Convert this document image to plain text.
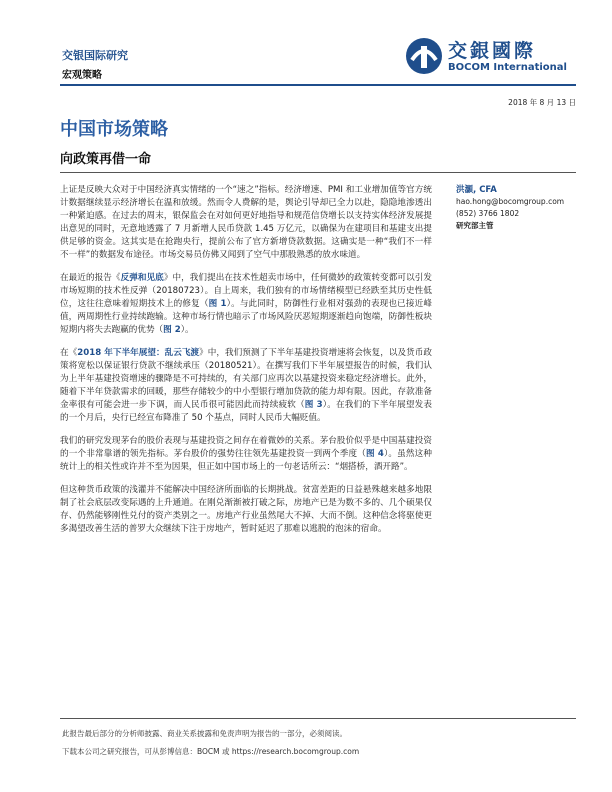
交银国际研究
宏观策略
交銀國際
BOCOM International
2018 年 8 月 13 日
中国市场策略
向政策再借一命

上证是反映大众对于中国经济真实情绪的一个“速之”指标。经济增速、PMI 和工业增加值等官方统计数据继续显示经济增长在温和放缓。然而令人费解的是，舆论引导却已全力以赴，隐隐地渗透出一种紧迫感。在过去的周末，银保监会在对如何更好地指导和规范信贷增长以支持实体经济发展提出意见的同时，无意地透露了 7 月新增人民币贷款 1.45 万亿元，以确保为在建项目和基建支出提供足够的资金。这其实是在抢跑央行，提前公布了官方新增贷款数据。这确实是一种“我们不一样不一样”的数据发布途径。市场交易员仿佛又闻到了空气中那股熟悉的放水味道。

在最近的报告《反弹和见底》中，我们提出在技术性超卖市场中，任何微妙的政策转变都可以引发市场短期的技术性反弹（20180723）。自上周来，我们独有的市场情绪模型已经跌至其历史性低位，这往往意味着短期技术上的修复（图 1）。与此同时，防御性行业相对强劲的表现也已接近峰值，两周期性行业持续跑输。这种市场行情也暗示了市场风险厌恶短期逐渐趋向饱端，防御性板块短期内将失去跑赢的优势（图 2）。

在《2018 年下半年展望：乱云飞渡》中，我们预测了下半年基建投资增速将会恢复，以及货币政策将宽松以保证银行贷款不继续承压（20180521）。在撰写我们下半年展望报告的时候，我们认为上半年基建投资增速的骤降是不可持续的，有关部门应再次以基建投资来稳定经济增长。此外，随着下半年贷款需求的回暖，那些存储较少的中小型银行增加贷款的能力却有限。因此，存款准备金率很有可能会进一步下调，而人民币很可能因此而持续疲软（图 3）。在我们的下半年展望发表的一个月后，央行已经宣布降准了 50 个基点，同时人民币大幅贬值。

我们的研究发现茅台的股价表现与基建投资之间存在着微妙的关系。茅台股价似乎是中国基建投资的一个非常靠谱的领先指标。茅台股价的强势往往领先基建投资一到两个季度（图 4）。虽然这种统计上的相关性或许并不至为因果，但正如中国市场上的一句老话所云：“烟搭桥，酒开路”。

但这种货币政策的浅灌并不能解决中国经济所面临的长期挑战。贫富差距的日益悬殊越来越多地限制了社会底层改变际遇的上升通道。在刚兑渐渐被打破之际，房地产已是为数不多的、几个硕果仅存、仍然能够刚性兑付的资产类别之一。房地产行业虽然尾大不掉、大而不倒。这种信念将驱使更多渴望改善生活的普罗大众继续下注于房地产，暂时延迟了那难以逃脱的泡沫的宿命。

洪灝, CFA
hao.hong@bocomgroup.com
(852) 3766 1802
研究部主管
此报告最后部分的分析师披露、商业关系披露和免责声明为报告的一部分，必须阅读。
下载本公司之研究报告，可从彭博信息：BOCM 或 https://research.bocomgroup.com
